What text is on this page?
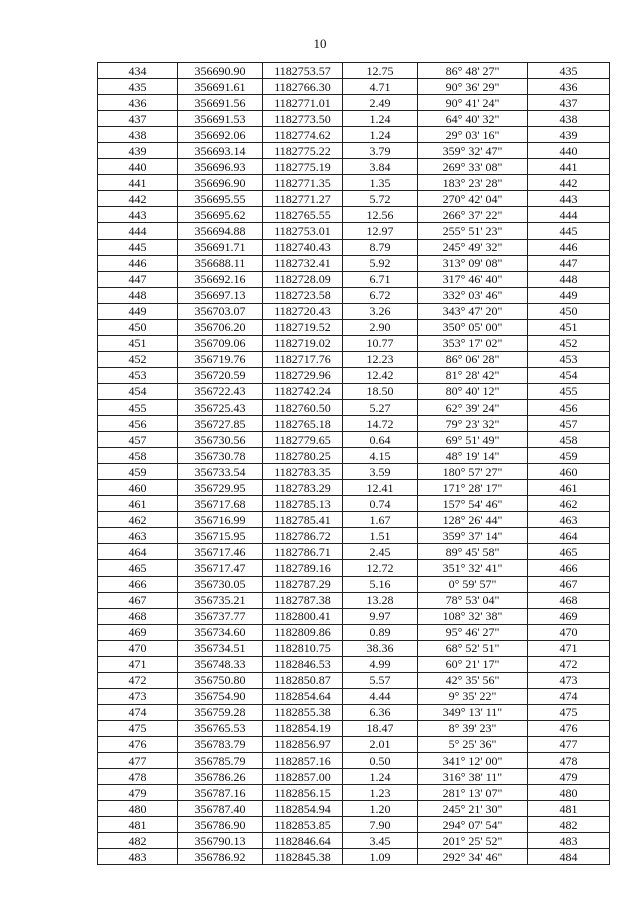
10
434	356690.90	1182753.57	12.75	86° 48' 27"	435
435	356691.61	1182766.30	4.71	90° 36' 29"	436
436	356691.56	1182771.01	2.49	90° 41' 24"	437
437	356691.53	1182773.50	1.24	64° 40' 32"	438
438	356692.06	1182774.62	1.24	29° 03' 16"	439
439	356693.14	1182775.22	3.79	359° 32' 47"	440
440	356696.93	1182775.19	3.84	269° 33' 08"	441
441	356696.90	1182771.35	1.35	183° 23' 28"	442
442	356695.55	1182771.27	5.72	270° 42' 04"	443
443	356695.62	1182765.55	12.56	266° 37' 22"	444
444	356694.88	1182753.01	12.97	255° 51' 23"	445
445	356691.71	1182740.43	8.79	245° 49' 32"	446
446	356688.11	1182732.41	5.92	313° 09' 08"	447
447	356692.16	1182728.09	6.71	317° 46' 40"	448
448	356697.13	1182723.58	6.72	332° 03' 46"	449
449	356703.07	1182720.43	3.26	343° 47' 20"	450
450	356706.20	1182719.52	2.90	350° 05' 00"	451
451	356709.06	1182719.02	10.77	353° 17' 02"	452
452	356719.76	1182717.76	12.23	86° 06' 28"	453
453	356720.59	1182729.96	12.42	81° 28' 42"	454
454	356722.43	1182742.24	18.50	80° 40' 12"	455
455	356725.43	1182760.50	5.27	62° 39' 24"	456
456	356727.85	1182765.18	14.72	79° 23' 32"	457
457	356730.56	1182779.65	0.64	69° 51' 49"	458
458	356730.78	1182780.25	4.15	48° 19' 14"	459
459	356733.54	1182783.35	3.59	180° 57' 27"	460
460	356729.95	1182783.29	12.41	171° 28' 17"	461
461	356717.68	1182785.13	0.74	157° 54' 46"	462
462	356716.99	1182785.41	1.67	128° 26' 44"	463
463	356715.95	1182786.72	1.51	359° 37' 14"	464
464	356717.46	1182786.71	2.45	89° 45' 58"	465
465	356717.47	1182789.16	12.72	351° 32' 41"	466
466	356730.05	1182787.29	5.16	0° 59' 57"	467
467	356735.21	1182787.38	13.28	78° 53' 04"	468
468	356737.77	1182800.41	9.97	108° 32' 38"	469
469	356734.60	1182809.86	0.89	95° 46' 27"	470
470	356734.51	1182810.75	38.36	68° 52' 51"	471
471	356748.33	1182846.53	4.99	60° 21' 17"	472
472	356750.80	1182850.87	5.57	42° 35' 56"	473
473	356754.90	1182854.64	4.44	9° 35' 22"	474
474	356759.28	1182855.38	6.36	349° 13' 11"	475
475	356765.53	1182854.19	18.47	8° 39' 23"	476
476	356783.79	1182856.97	2.01	5° 25' 36"	477
477	356785.79	1182857.16	0.50	341° 12' 00"	478
478	356786.26	1182857.00	1.24	316° 38' 11"	479
479	356787.16	1182856.15	1.23	281° 13' 07"	480
480	356787.40	1182854.94	1.20	245° 21' 30"	481
481	356786.90	1182853.85	7.90	294° 07' 54"	482
482	356790.13	1182846.64	3.45	201° 25' 52"	483
483	356786.92	1182845.38	1.09	292° 34' 46"	484
